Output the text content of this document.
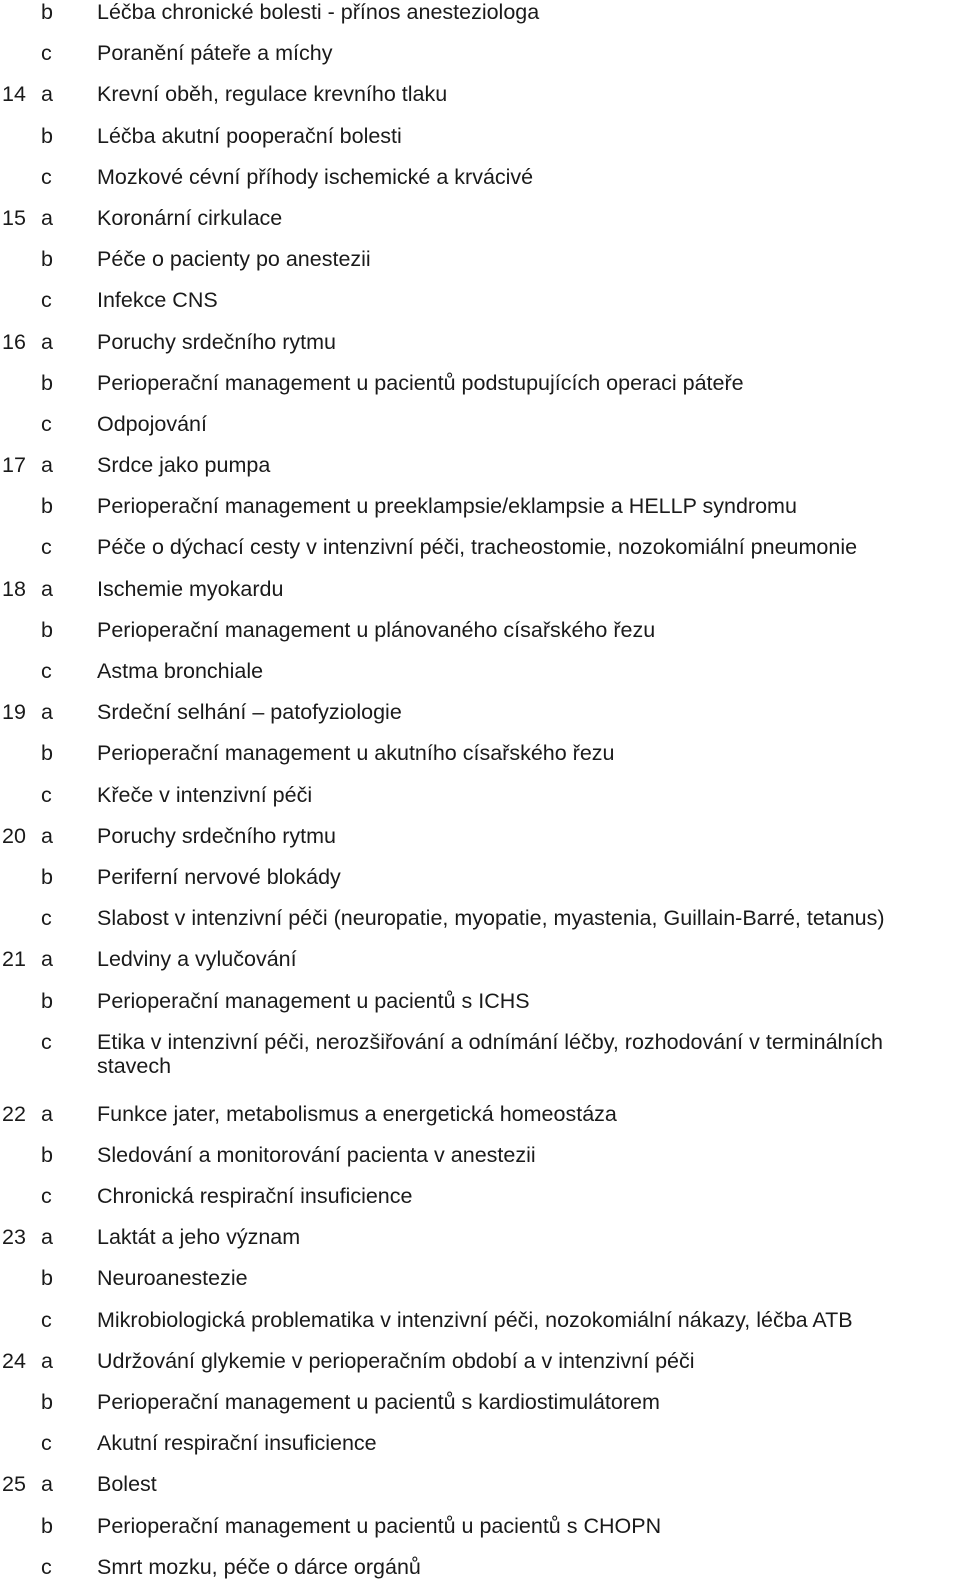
b	Léčba chronické bolesti - přínos anesteziologa
c	Poranění páteře a míchy
14 a	Krevní oběh, regulace krevního tlaku
b	Léčba akutní pooperační bolesti
c	Mozkové cévní příhody ischemické a krvácivé
15 a	Koronární cirkulace
b	Péče o pacienty po anestezii
c	Infekce CNS
16 a	Poruchy srdečního rytmu
b	Perioperační management u pacientů podstupujících operaci páteře
c	Odpojování
17 a	Srdce jako pumpa
b	Perioperační management u preeklampsie/eklampsie a HELLP syndromu
c	Péče o dýchací cesty v intenzivní péči, tracheostomie, nozokomiální pneumonie
18 a	Ischemie myokardu
b	Perioperační management u plánovaného císařského řezu
c	Astma bronchiale
19 a	Srdeční selhání – patofyziologie
b	Perioperační management u akutního císařského řezu
c	Křeče v intenzivní péči
20 a	Poruchy srdečního rytmu
b	Periferní nervové blokády
c	Slabost v intenzivní péči (neuropatie, myopatie, myastenia, Guillain-Barré, tetanus)
21 a	Ledviny a vylučování
b	Perioperační management u pacientů s ICHS
c	Etika v intenzivní péči, nerozšiřování a odnímání léčby, rozhodování v terminálních stavech
22 a	Funkce jater, metabolismus a energetická homeostáza
b	Sledování a monitorování pacienta v anestezii
c	Chronická respirační insuficience
23 a	Laktát a jeho význam
b	Neuroanestezie
c	Mikrobiologická problematika v intenzivní péči, nozokomiální nákazy, léčba ATB
24 a	Udržování glykemie v perioperačním období a v intenzivní péči
b	Perioperační management u pacientů s kardiostimulátorem
c	Akutní respirační insuficience
25 a	Bolest
b	Perioperační management u pacientů u pacientů s CHOPN
c	Smrt mozku, péče o dárce orgánů
